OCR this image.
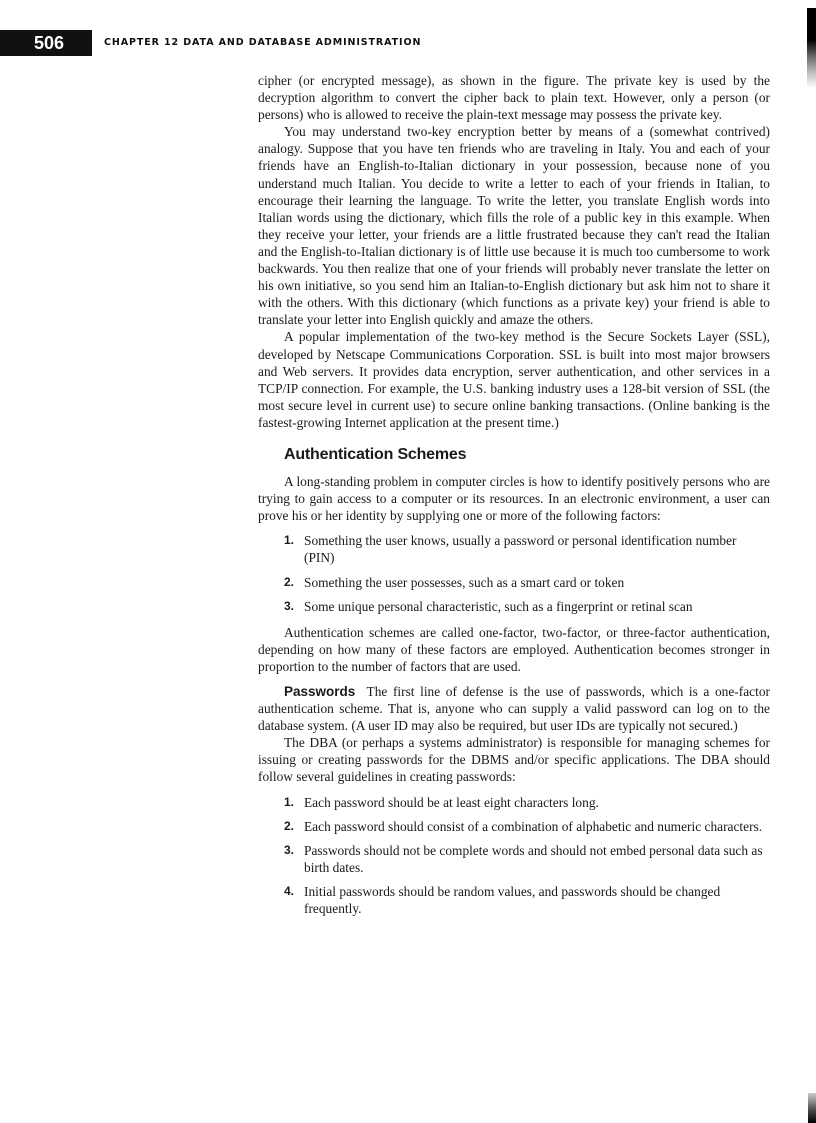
506	CHAPTER 12 DATA AND DATABASE ADMINISTRATION

cipher (or encrypted message), as shown in the figure. The private key is used by the decryption algorithm to convert the cipher back to plain text. However, only a person (or persons) who is allowed to receive the plain-text message may possess the private key.

You may understand two-key encryption better by means of a (somewhat contrived) analogy. Suppose that you have ten friends who are traveling in Italy. You and each of your friends have an English-to-Italian dictionary in your possession, because none of you understand much Italian. You decide to write a letter to each of your friends in Italian, to encourage their learning the language. To write the letter, you translate English words into Italian words using the dictionary, which fills the role of a public key in this example. When they receive your letter, your friends are a little frustrated because they can't read the Italian and the English-to-Italian dictionary is of little use because it is much too cumbersome to work backwards. You then realize that one of your friends will probably never translate the letter on his own initiative, so you send him an Italian-to-English dictionary but ask him not to share it with the others. With this dictionary (which functions as a private key) your friend is able to translate your letter into English quickly and amaze the others.

A popular implementation of the two-key method is the Secure Sockets Layer (SSL), developed by Netscape Communications Corporation. SSL is built into most major browsers and Web servers. It provides data encryption, server authentication, and other services in a TCP/IP connection. For example, the U.S. banking industry uses a 128-bit version of SSL (the most secure level in current use) to secure online banking transactions. (Online banking is the fastest-growing Internet application at the present time.)

Authentication Schemes

A long-standing problem in computer circles is how to identify positively persons who are trying to gain access to a computer or its resources. In an electronic environment, a user can prove his or her identity by supplying one or more of the following factors:

1. Something the user knows, usually a password or personal identification number (PIN)
2. Something the user possesses, such as a smart card or token
3. Some unique personal characteristic, such as a fingerprint or retinal scan

Authentication schemes are called one-factor, two-factor, or three-factor authentication, depending on how many of these factors are employed. Authentication becomes stronger in proportion to the number of factors that are used.

Passwords The first line of defense is the use of passwords, which is a one-factor authentication scheme. That is, anyone who can supply a valid password can log on to the database system. (A user ID may also be required, but user IDs are typically not secured.)

The DBA (or perhaps a systems administrator) is responsible for managing schemes for issuing or creating passwords for the DBMS and/or specific applications. The DBA should follow several guidelines in creating passwords:

1. Each password should be at least eight characters long.
2. Each password should consist of a combination of alphabetic and numeric characters.
3. Passwords should not be complete words and should not embed personal data such as birth dates.
4. Initial passwords should be random values, and passwords should be changed frequently.
